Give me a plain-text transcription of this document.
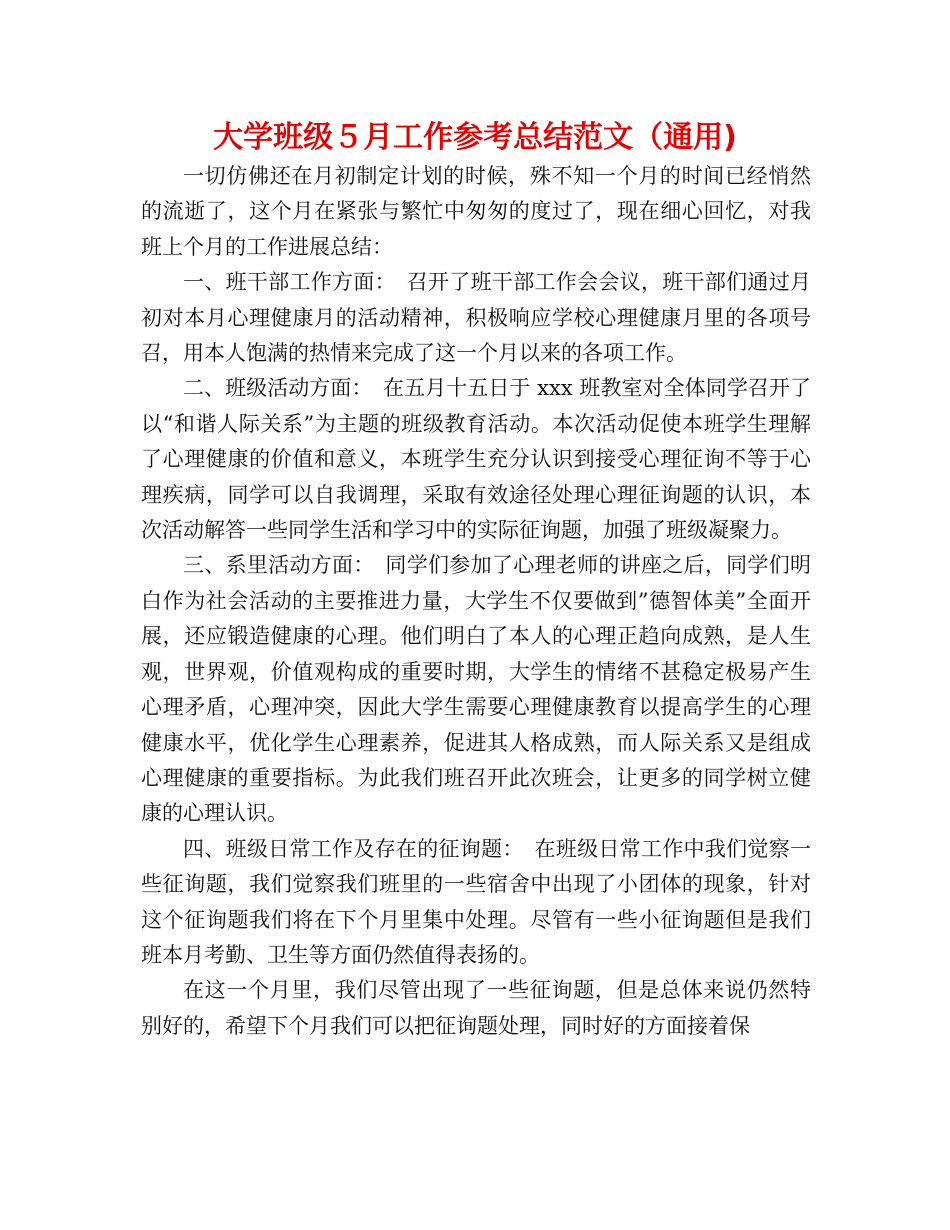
大学班级５月工作参考总结范文（通用)

一切仿佛还在月初制定计划的时候，殊不知一个月的时间已经悄然的流逝了，这个月在紧张与繁忙中匆匆的度过了，现在细心回忆，对我班上个月的工作进展总结：

一、班干部工作方面：　召开了班干部工作会会议，班干部们通过月初对本月心理健康月的活动精神，积极响应学校心理健康月里的各项号召，用本人饱满的热情来完成了这一个月以来的各项工作。

二、班级活动方面：　在五月十五日于 xxx 班教室对全体同学召开了以“和谐人际关系”为主题的班级教育活动。本次活动促使本班学生理解了心理健康的价值和意义，本班学生充分认识到接受心理征询不等于心理疾病，同学可以自我调理，采取有效途径处理心理征询题的认识，本次活动解答一些同学生活和学习中的实际征询题，加强了班级凝聚力。

三、系里活动方面：　同学们参加了心理老师的讲座之后，同学们明白作为社会活动的主要推进力量，大学生不仅要做到”德智体美”全面开展，还应锻造健康的心理。他们明白了本人的心理正趋向成熟，是人生观，世界观，价值观构成的重要时期，大学生的情绪不甚稳定极易产生心理矛盾，心理冲突，因此大学生需要心理健康教育以提高学生的心理健康水平，优化学生心理素养，促进其人格成熟，而人际关系又是组成心理健康的重要指标。为此我们班召开此次班会，让更多的同学树立健康的心理认识。

四、班级日常工作及存在的征询题：　在班级日常工作中我们觉察一些征询题，我们觉察我们班里的一些宿舍中出现了小团体的现象，针对这个征询题我们将在下个月里集中处理。尽管有一些小征询题但是我们班本月考勤、卫生等方面仍然值得表扬的。

在这一个月里，我们尽管出现了一些征询题，但是总体来说仍然特别好的，希望下个月我们可以把征询题处理，同时好的方面接着保
